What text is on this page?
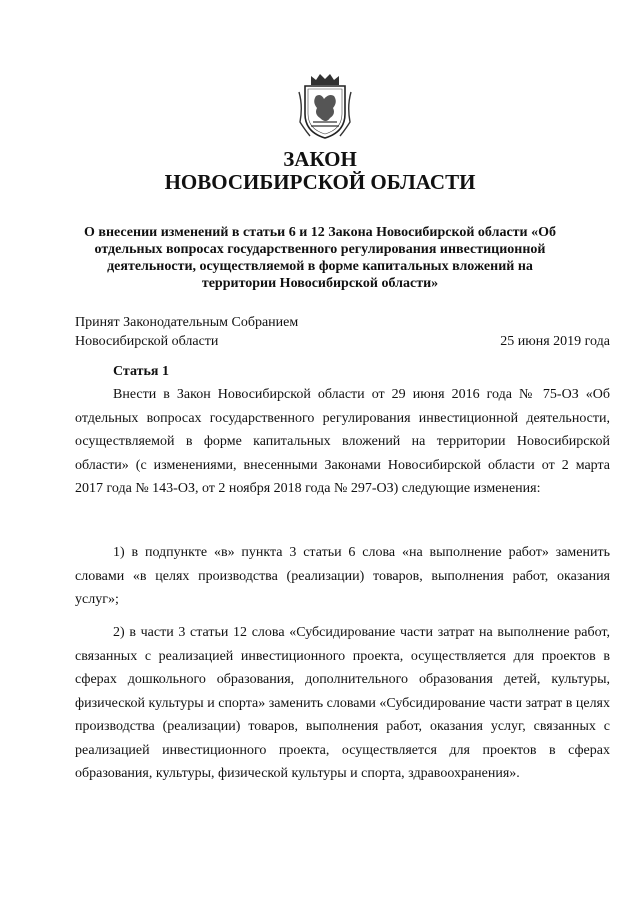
ЗАКОН
НОВОСИБИРСКОЙ ОБЛАСТИ

О внесении изменений в статьи 6 и 12 Закона Новосибирской области «Об отдельных вопросах государственного регулирования инвестиционной деятельности, осуществляемой в форме капитальных вложений на территории Новосибирской области»

Принят Законодательным Собранием
Новосибирской области	25 июня 2019 года
Статья 1

Внести в Закон Новосибирской области от 29 июня 2016 года № 75-ОЗ «Об отдельных вопросах государственного регулирования инвестиционной деятельности, осуществляемой в форме капитальных вложений на территории Новосибирской области» (с изменениями, внесенными Законами Новосибирской области от 2 марта 2017 года № 143-ОЗ, от 2 ноября 2018 года № 297-ОЗ) следующие изменения:

1) в подпункте «в» пункта 3 статьи 6 слова «на выполнение работ» заменить словами «в целях производства (реализации) товаров, выполнения работ, оказания услуг»;

2) в части 3 статьи 12 слова «Субсидирование части затрат на выполнение работ, связанных с реализацией инвестиционного проекта, осуществляется для проектов в сферах дошкольного образования, дополнительного образования детей, культуры, физической культуры и спорта» заменить словами «Субсидирование части затрат в целях производства (реализации) товаров, выполнения работ, оказания услуг, связанных с реализацией инвестиционного проекта, осуществляется для проектов в сферах образования, культуры, физической культуры и спорта, здравоохранения».
